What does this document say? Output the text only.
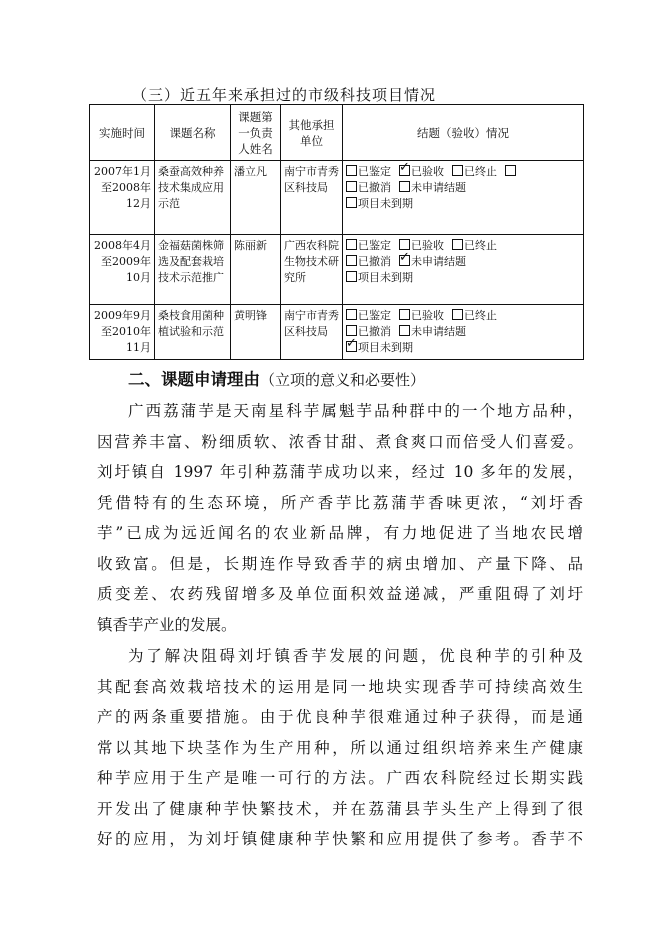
（三）近五年来承担过的市级科技项目情况
实施时间	课题名称	课题第一负责人姓名	其他承担单位	结题（验收）情况
2007年1月至2008年12月	桑蚕高效种养技术集成应用示范	潘立凡	南宁市青秀区科技局	已鉴定 ✓ 已验收 已终止
已撤消 未申请结题
项目未到期

2008年4月至2009年10月	金福菇菌株筛选及配套栽培技术示范推广	陈丽新	广西农科院生物技术研究所	已鉴定 已验收 已终止
已撤消 ✓ 未申请结题
项目未到期

2009年9月至2010年11月	桑枝食用菌种植试验和示范	黄明锋	南宁市青秀区科技局	已鉴定 已验收 已终止
已撤消 未申请结题
✓项目未到期
二、课题申请理由（立项的意义和必要性）
广西荔蒲芋是天南星科芋属魁芋品种群中的一个地方品种，
因营养丰富、粉细质软、浓香甘甜、煮食爽口而倍受人们喜爱。
刘圩镇自 1997 年引种荔蒲芋成功以来，经过 10 多年的发展，
凭借特有的生态环境，所产香芋比荔蒲芋香味更浓，“刘圩香
芋”已成为远近闻名的农业新品牌，有力地促进了当地农民增
收致富。但是，长期连作导致香芋的病虫增加、产量下降、品
质变差、农药残留增多及单位面积效益递减，严重阻碍了刘圩
镇香芋产业的发展。
为了解决阻碍刘圩镇香芋发展的问题，优良种芋的引种及
其配套高效栽培技术的运用是同一地块实现香芋可持续高效生
产的两条重要措施。由于优良种芋很难通过种子获得，而是通
常以其地下块茎作为生产用种，所以通过组织培养来生产健康
种芋应用于生产是唯一可行的方法。广西农科院经过长期实践
开发出了健康种芋快繁技术，并在荔蒲县芋头生产上得到了很
好的应用，为刘圩镇健康种芋快繁和应用提供了参考。香芋不
